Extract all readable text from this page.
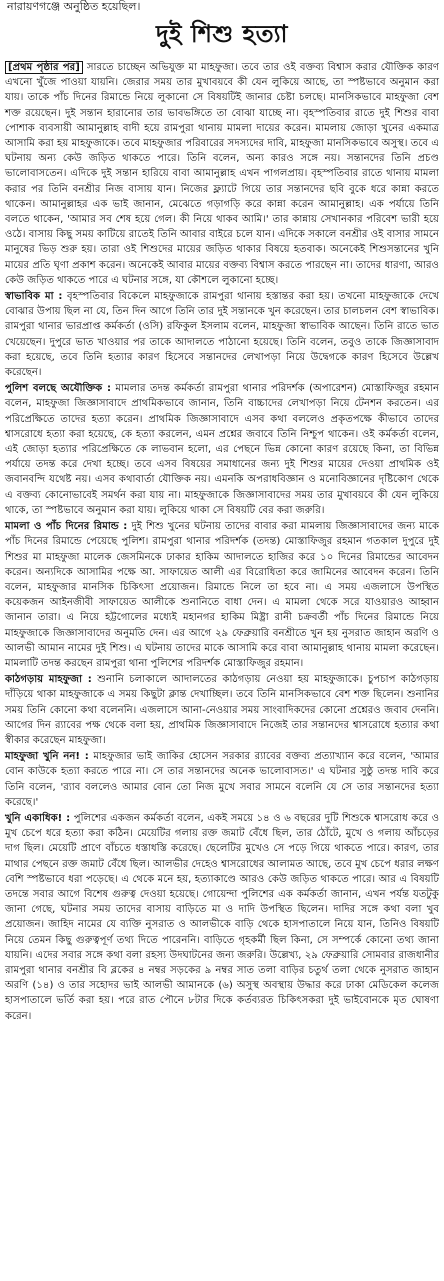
নারায়ণগঞ্জে অনুষ্ঠিত হয়েছিল।
দুই শিশু হত্যা

[প্রথম পৃষ্ঠার পর] সারতে চাচ্ছেন অভিযুক্ত মা মাহফুজা। তবে তার ওই বক্তব্য বিশ্বাস করার যৌক্তিক কারণ এখনো খুঁজে পাওয়া যায়নি। জেরার সময় তার মুখাবয়বে কী যেন লুকিয়ে আছে, তা স্পষ্টভাবে অনুমান করা যায়। তাকে পাঁচ দিনের রিমান্ডে নিয়ে লুকানো সে বিষয়টিই জানার চেষ্টা চলছে। মানসিকভাবে মাহফুজা বেশ শক্ত রয়েছেন। দুই সন্তান হারানোর তার ভাবভঙ্গিতে তা বোঝা যাচ্ছে না। বৃহস্পতিবার রাতে দুই শিশুর বাবা পোশাক ব্যবসায়ী আমানুল্লাহ বাদী হয়ে রামপুরা থানায় মামলা দায়ের করেন। মামলায় জোড়া খুনের একমাত্র আসামি করা হয় মাহফুজাকে। তবে মাহফুজার পরিবারের সদস্যদের দাবি, মাহফুজা মানসিকভাবে অসুস্থ। তবে এ ঘটনায় অন্য কেউ জড়িত থাকতে পারে। তিনি বলেন, অন্য কারও সঙ্গে নয়। সন্তানদের তিনি প্রচণ্ড ভালোবাসতেন। এদিকে দুই সন্তান হারিয়ে বাবা আমানুল্লাহ এখন পাগলপ্রায়। বৃহস্পতিবার রাতে থানায় মামলা করার পর তিনি বনশ্রীর নিজ বাসায় যান। নিজের ফ্ল্যাটে গিয়ে তার সন্তানদের ছবি বুকে ধরে কান্না করতে থাকেন। আমানুল্লাহর এক ভাই জানান, মেঝেতে গড়াগড়ি করে কান্না করেন আমানুল্লাহ। এক পর্যায়ে তিনি বলতে থাকেন, 'আমার সব শেষ হয়ে গেল। কী নিয়ে থাকব আমি।' তার কান্নায় সেখানকার পরিবেশ ভারী হয়ে ওঠে। বাসায় কিছু সময় কাটিয়ে রাতেই তিনি আবার বাইরে চলে যান। এদিকে সকালে বনশ্রীর ওই বাসার সামনে মানুষের ভিড় শুরু হয়। তারা ওই শিশুদের মায়ের জড়িত থাকার বিষয়ে হতবাক। অনেকেই শিশুসন্তানের খুনি মায়ের প্রতি ঘৃণা প্রকাশ করেন। অনেকেই আবার মায়ের বক্তব্য বিশ্বাস করতে পারছেন না। তাদের ধারণা, আরও কেউ জড়িত থাকতে পারে এ ঘটনার সঙ্গে, যা কৌশলে লুকানো হচ্ছে।

স্বাভাবিক মা : বৃহস্পতিবার বিকেলে মাহফুজাকে রামপুরা থানায় হস্তান্তর করা হয়। তখনো মাহফুজাকে দেখে বোঝার উপায় ছিল না যে, তিন দিন আগে তিনি তার দুই সন্তানকে খুন করেছেন। তার চালচলন বেশ স্বাভাবিক। রামপুরা থানার ভারপ্রাপ্ত কর্মকর্তা (ওসি) রফিকুল ইসলাম বলেন, মাহফুজা স্বাভাবিক আছেন। তিনি রাতে ভাত খেয়েছেন। দুপুরে ভাত খাওয়ার পর তাকে আদালতে পাঠানো হয়েছে। তিনি বলেন, তবুও তাকে জিজ্ঞাসাবাদ করা হয়েছে, তবে তিনি হত্যার কারণ হিসেবে সন্তানদের লেখাপড়া নিয়ে উদ্বেগকে কারণ হিসেবে উল্লেখ করেছেন।

পুলিশ বলছে অযৌক্তিক : মামলার তদন্ত কর্মকর্তা রামপুরা থানার পরিদর্শক (অপারেশন) মোস্তাফিজুর রহমান বলেন, মাহফুজা জিজ্ঞাসাবাদে প্রাথমিকভাবে জানান, তিনি বাচ্চাদের লেখাপড়া নিয়ে টেনশন করতেন। এর পরিপ্রেক্ষিতে তাদের হত্যা করেন। প্রাথমিক জিজ্ঞাসাবাদে এসব কথা বললেও প্রকৃতপক্ষে কীভাবে তাদের শ্বাসরোধে হত্যা করা হয়েছে, কে হত্যা করলেন, এমন প্রশ্নের জবাবে তিনি নিশ্চুপ থাকেন। ওই কর্মকর্তা বলেন, এই জোড়া হত্যার পরিপ্রেক্ষিতে কে লাভবান হলো, এর পেছনে ভিন্ন কোনো কারণ রয়েছে কিনা, তা বিভিন্ন পর্যায়ে তদন্ত করে দেখা হচ্ছে। তবে এসব বিষয়ের সমাধানের জন্য দুই শিশুর মায়ের দেওয়া প্রাথমিক ওই জবানবন্দি যথেষ্ট নয়। এসব কথাবার্তা যৌক্তিক নয়। এমনকি অপরাধবিজ্ঞান ও মনোবিজ্ঞানের দৃষ্টিকোণ থেকে এ বক্তব্য কোনোভাবেই সমর্থন করা যায় না। মাহফুজাকে জিজ্ঞাসাবাদের সময় তার মুখাবয়বে কী যেন লুকিয়ে থাকে, তা স্পষ্টভাবে অনুমান করা যায়। লুকিয়ে থাকা সে বিষয়টি বের করা জরুরি।

মামলা ও পাঁচ দিনের রিমান্ড : দুই শিশু খুনের ঘটনায় তাদের বাবার করা মামলায় জিজ্ঞাসাবাদের জন্য মাকে পাঁচ দিনের রিমান্ডে পেয়েছে পুলিশ। রামপুরা থানার পরিদর্শক (তদন্ত) মোস্তাফিজুর রহমান গতকাল দুপুরে দুই শিশুর মা মাহফুজা মালেক জেসমিনকে ঢাকার হাকিম আদালতে হাজির করে ১০ দিনের রিমান্ডের আবেদন করেন। অন্যদিকে আসামির পক্ষে আ. সাফায়েত আলী এর বিরোধিতা করে জামিনের আবেদন করেন। তিনি বলেন, মাহফুজার মানসিক চিকিৎসা প্রয়োজন। রিমান্ডে নিলে তা হবে না। এ সময় এজলাসে উপস্থিত কয়েকজন আইনজীবী সাফায়েত আলীকে শুনানিতে বাধা দেন। এ মামলা থেকে সরে যাওয়ারও আহ্বান জানান তারা। এ নিয়ে হট্টগোলের মধ্যেই মহানগর হাকিম মিষ্ট্রা রানী চক্রবর্তী পাঁচ দিনের রিমান্ডে নিয়ে মাহফুজাকে জিজ্ঞাসাবাদের অনুমতি দেন। এর আগে ২৯ ফেব্রুয়ারি বনশ্রীতে খুন হয় নুসরাত জাহান অরণি ও আলভী আমান নামের দুই শিশু। এ ঘটনায় তাদের মাকে আসামি করে বাবা আমানুল্লাহ থানায় মামলা করেছেন। মামলাটি তদন্ত করছেন রামপুরা থানা পুলিশের পরিদর্শক মোস্তাফিজুর রহমান।

কাঠগড়ায় মাহফুজা : শুনানি চলাকালে আদালতের কাঠগড়ায় নেওয়া হয় মাহফুজাকে। চুপচাপ কাঠগড়ায় দাঁড়িয়ে থাকা মাহফুজাকে এ সময় কিছুটা ক্লান্ত দেখাচ্ছিল। তবে তিনি মানসিকভাবে বেশ শক্ত ছিলেন। শুনানির সময় তিনি কোনো কথা বলেননি। এজলাসে আনা-নেওয়ার সময় সাংবাদিকদের কোনো প্রশ্নেরও জবাব দেননি। আগের দিন র‍্যাবের পক্ষ থেকে বলা হয়, প্রাথমিক জিজ্ঞাসাবাদে নিজেই তার সন্তানদের শ্বাসরোধে হত্যার কথা স্বীকার করেছেন মাহফুজা।

মাহফুজা খুনি নন! : মাহফুজার ভাই জাকির হোসেন সরকার র‍্যাবের বক্তব্য প্রত্যাখ্যান করে বলেন, 'আমার বোন কাউকে হত্যা করতে পারে না। সে তার সন্তানদের অনেক ভালোবাসত।' এ ঘটনার সুষ্ঠু তদন্ত দাবি করে তিনি বলেন, 'র‍্যাব বললেও আমার বোন তো নিজ মুখে সবার সামনে বলেনি যে সে তার সন্তানদের হত্যা করেছে।'

খুনি একাধিক! : পুলিশের একজন কর্মকর্তা বলেন, একই সময়ে ১৪ ও ৬ বছরের দুটি শিশুকে শ্বাসরোধ করে ও মুখ চেপে ধরে হত্যা করা কঠিন। মেয়েটির গলায় রক্ত জমাট বেঁধে ছিল, তার ঠোঁটে, মুখে ও গলায় আঁচড়ের দাগ ছিল। মেয়েটি প্রাণে বাঁচতে ধস্তাধস্তি করেছে। ছেলেটির মুখেও সে পড়ে গিয়ে থাকতে পারে। কারণ, তার মাথার পেছনে রক্ত জমাট বেঁধে ছিল। আলভীর দেহেও শ্বাসরোধের আলামত আছে, তবে মুখ চেপে ধরার লক্ষণ বেশি স্পষ্টভাবে ধরা পড়েছে। এ থেকে মনে হয়, হত্যাকাণ্ডে আরও কেউ জড়িত থাকতে পারে। আর এ বিষয়টি তদন্তে সবার আগে বিশেষ গুরুত্ব দেওয়া হয়েছে। গোয়েন্দা পুলিশের এক কর্মকর্তা জানান, এখন পর্যন্ত যতটুকু জানা গেছে, ঘটনার সময় তাদের বাসায় বাড়িতে মা ও দাদি উপস্থিত ছিলেন। দাদির সঙ্গে কথা বলা খুব প্রয়োজন। জাহিদ নামের যে ব্যক্তি নুসরাত ও আলভীকে বাড়ি থেকে হাসপাতালে নিয়ে যান, তিনিও বিষয়টি নিয়ে তেমন কিছু গুরুত্বপূর্ণ তথ্য দিতে পারেননি। বাড়িতে গৃহকর্মী ছিল কিনা, সে সম্পর্কে কোনো তথ্য জানা যায়নি। এদের সবার সঙ্গে কথা বলা রহস্য উদঘাটনের জন্য জরুরি। উল্লেখ্য, ২৯ ফেব্রুয়ারি সোমবার রাজধানীর রামপুরা থানার বনশ্রীর বি ব্লকের ৪ নম্বর সড়কের ৯ নম্বর সাত তলা বাড়ির চতুর্থ তলা থেকে নুসরাত জাহান অরণি (১৪) ও তার সহোদর ভাই আলভী আমানকে (৬) অসুস্থ অবস্থায় উদ্ধার করে ঢাকা মেডিকেল কলেজ হাসপাতালে ভর্তি করা হয়। পরে রাত পৌনে ৮টার দিকে কর্তব্যরত চিকিৎসকরা দুই ভাইবোনকে মৃত ঘোষণা করেন।
